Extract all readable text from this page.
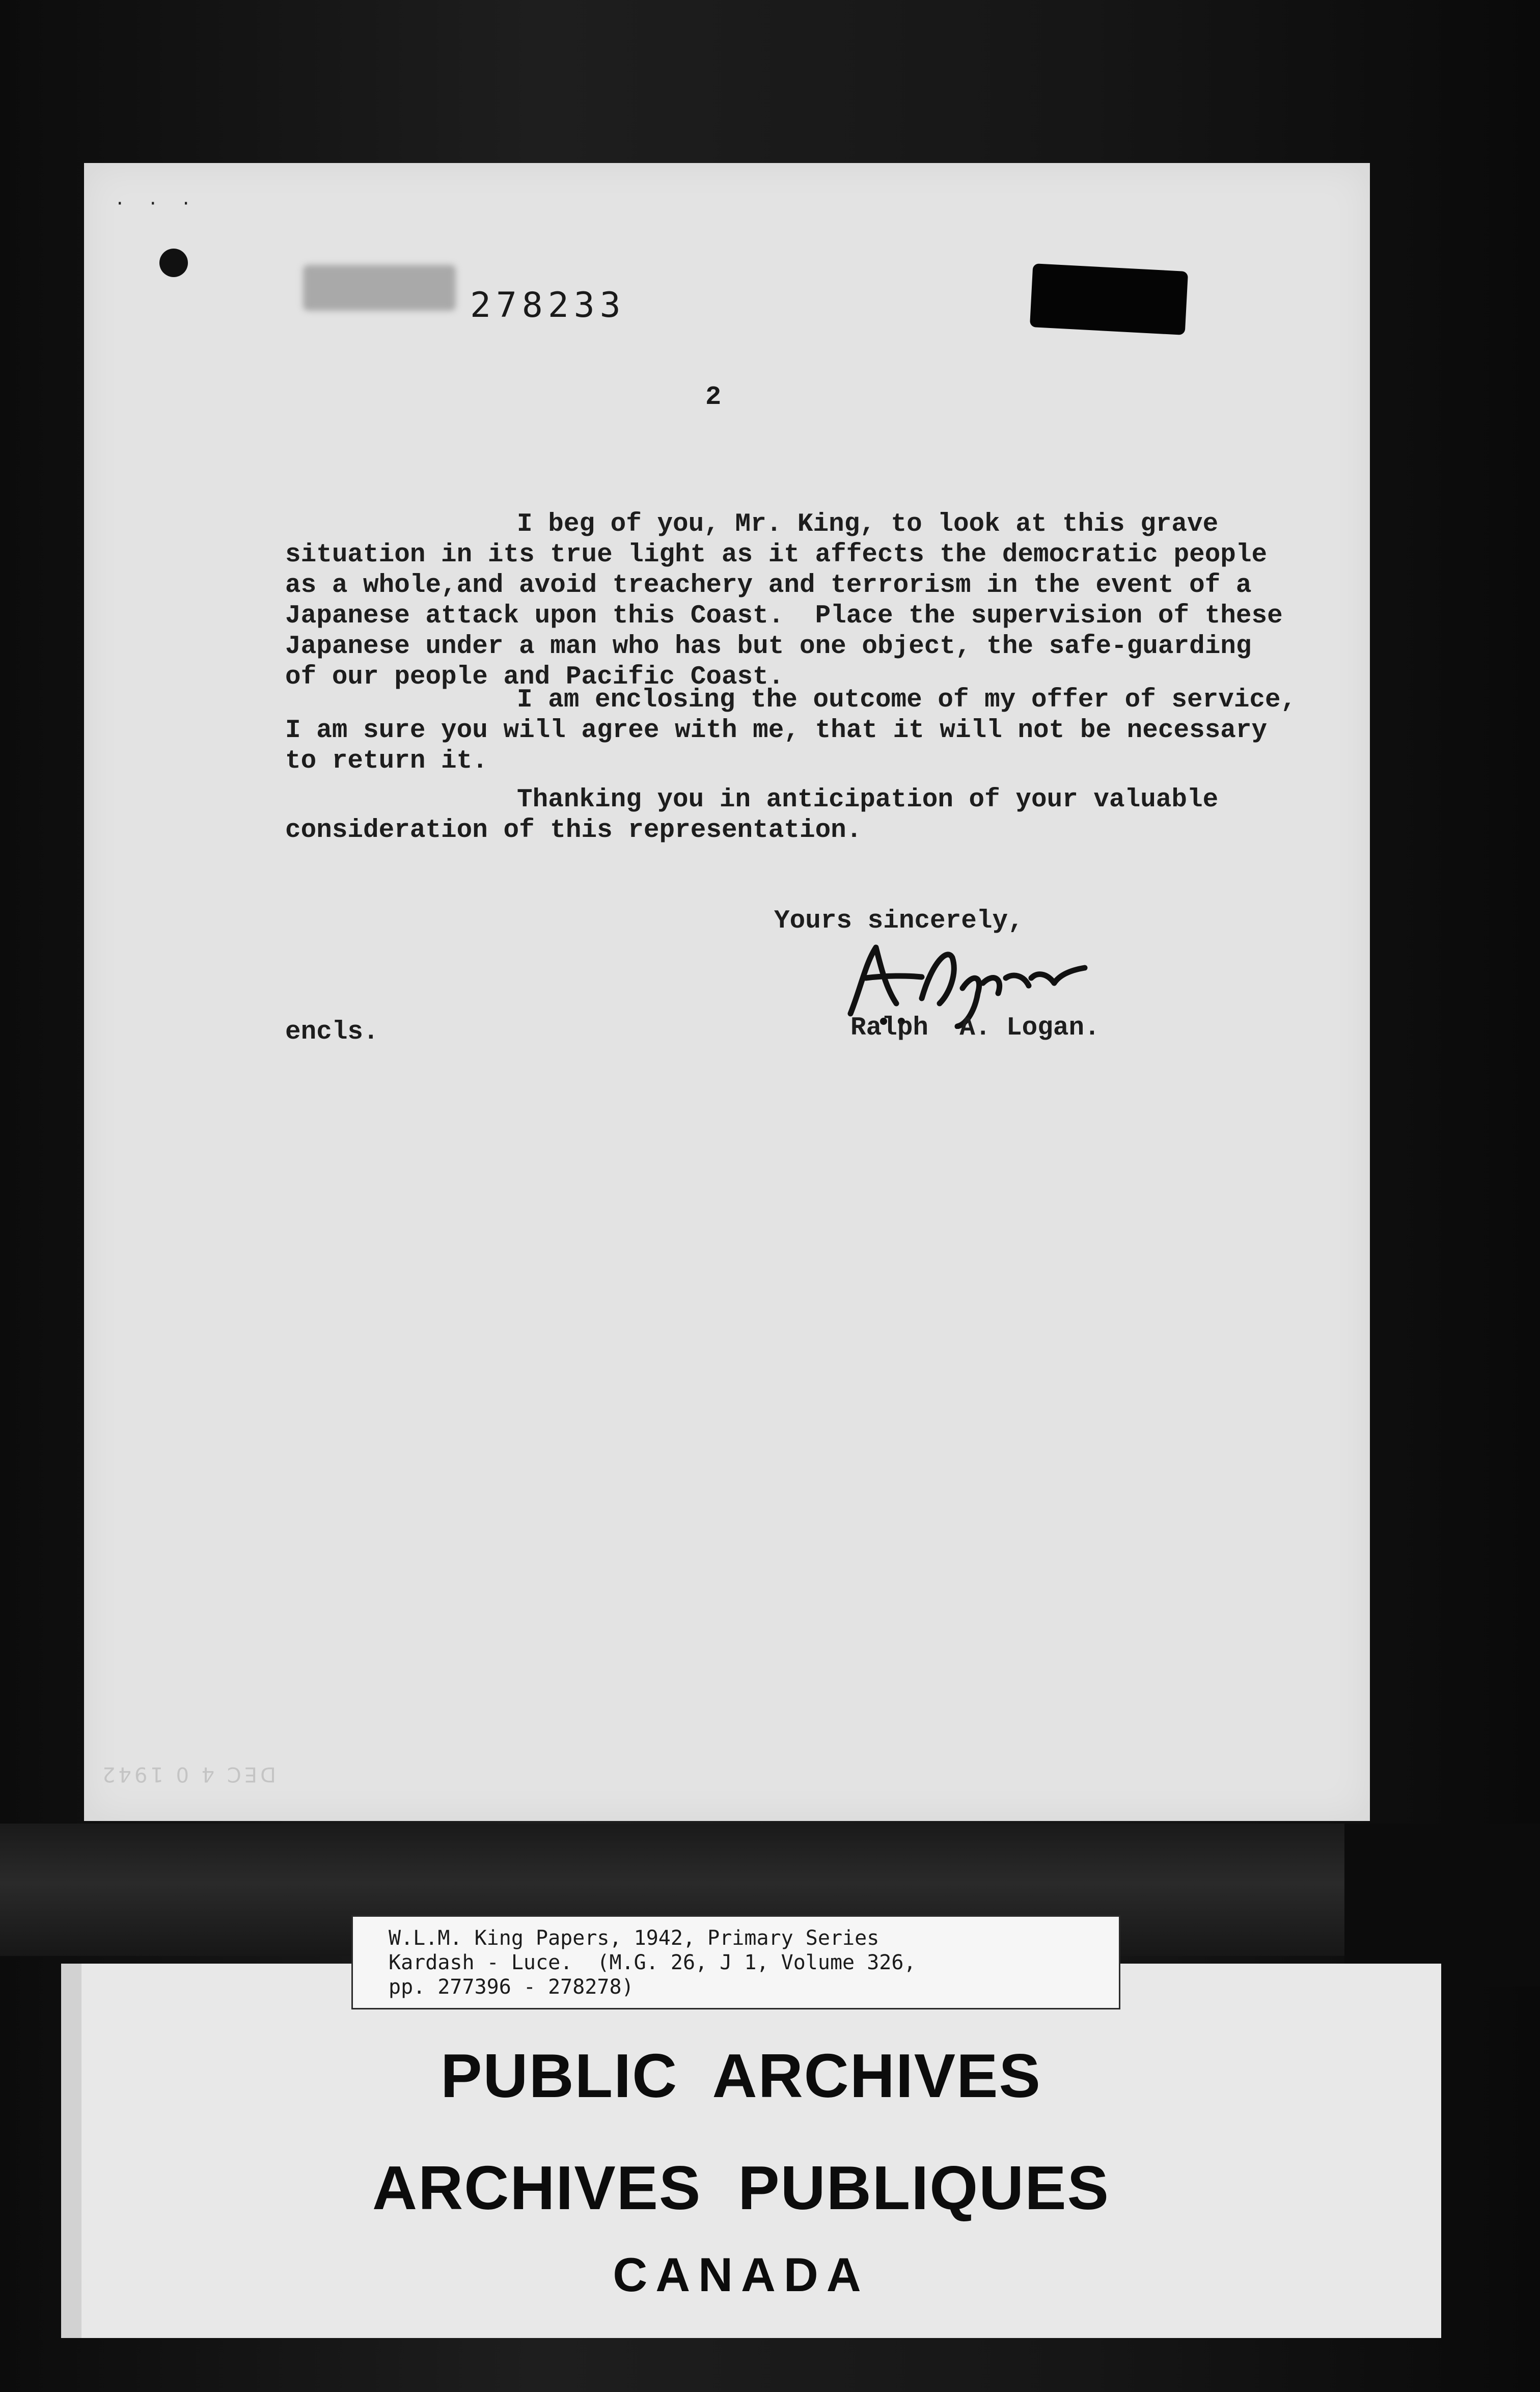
· · ·
278233
2
I beg of you, Mr. King, to look at this grave
situation in its true light as it affects the democratic people
as a whole,and avoid treachery and terrorism in the event of a
Japanese attack upon this Coast.  Place the supervision of these
Japanese under a man who has but one object, the safe-guarding
of our people and Pacific Coast.
I am enclosing the outcome of my offer of service,
I am sure you will agree with me, that it will not be necessary
to return it.
Thanking you in anticipation of your valuable
consideration of this representation.
Yours sincerely,
Ralph  A. Logan.
encls.
DEC 4 0 1942
W.L.M. King Papers, 1942, Primary Series
Kardash - Luce.  (M.G. 26, J 1, Volume 326,
pp. 277396 - 278278)
PUBLIC  ARCHIVES
ARCHIVES  PUBLIQUES
CANADA
